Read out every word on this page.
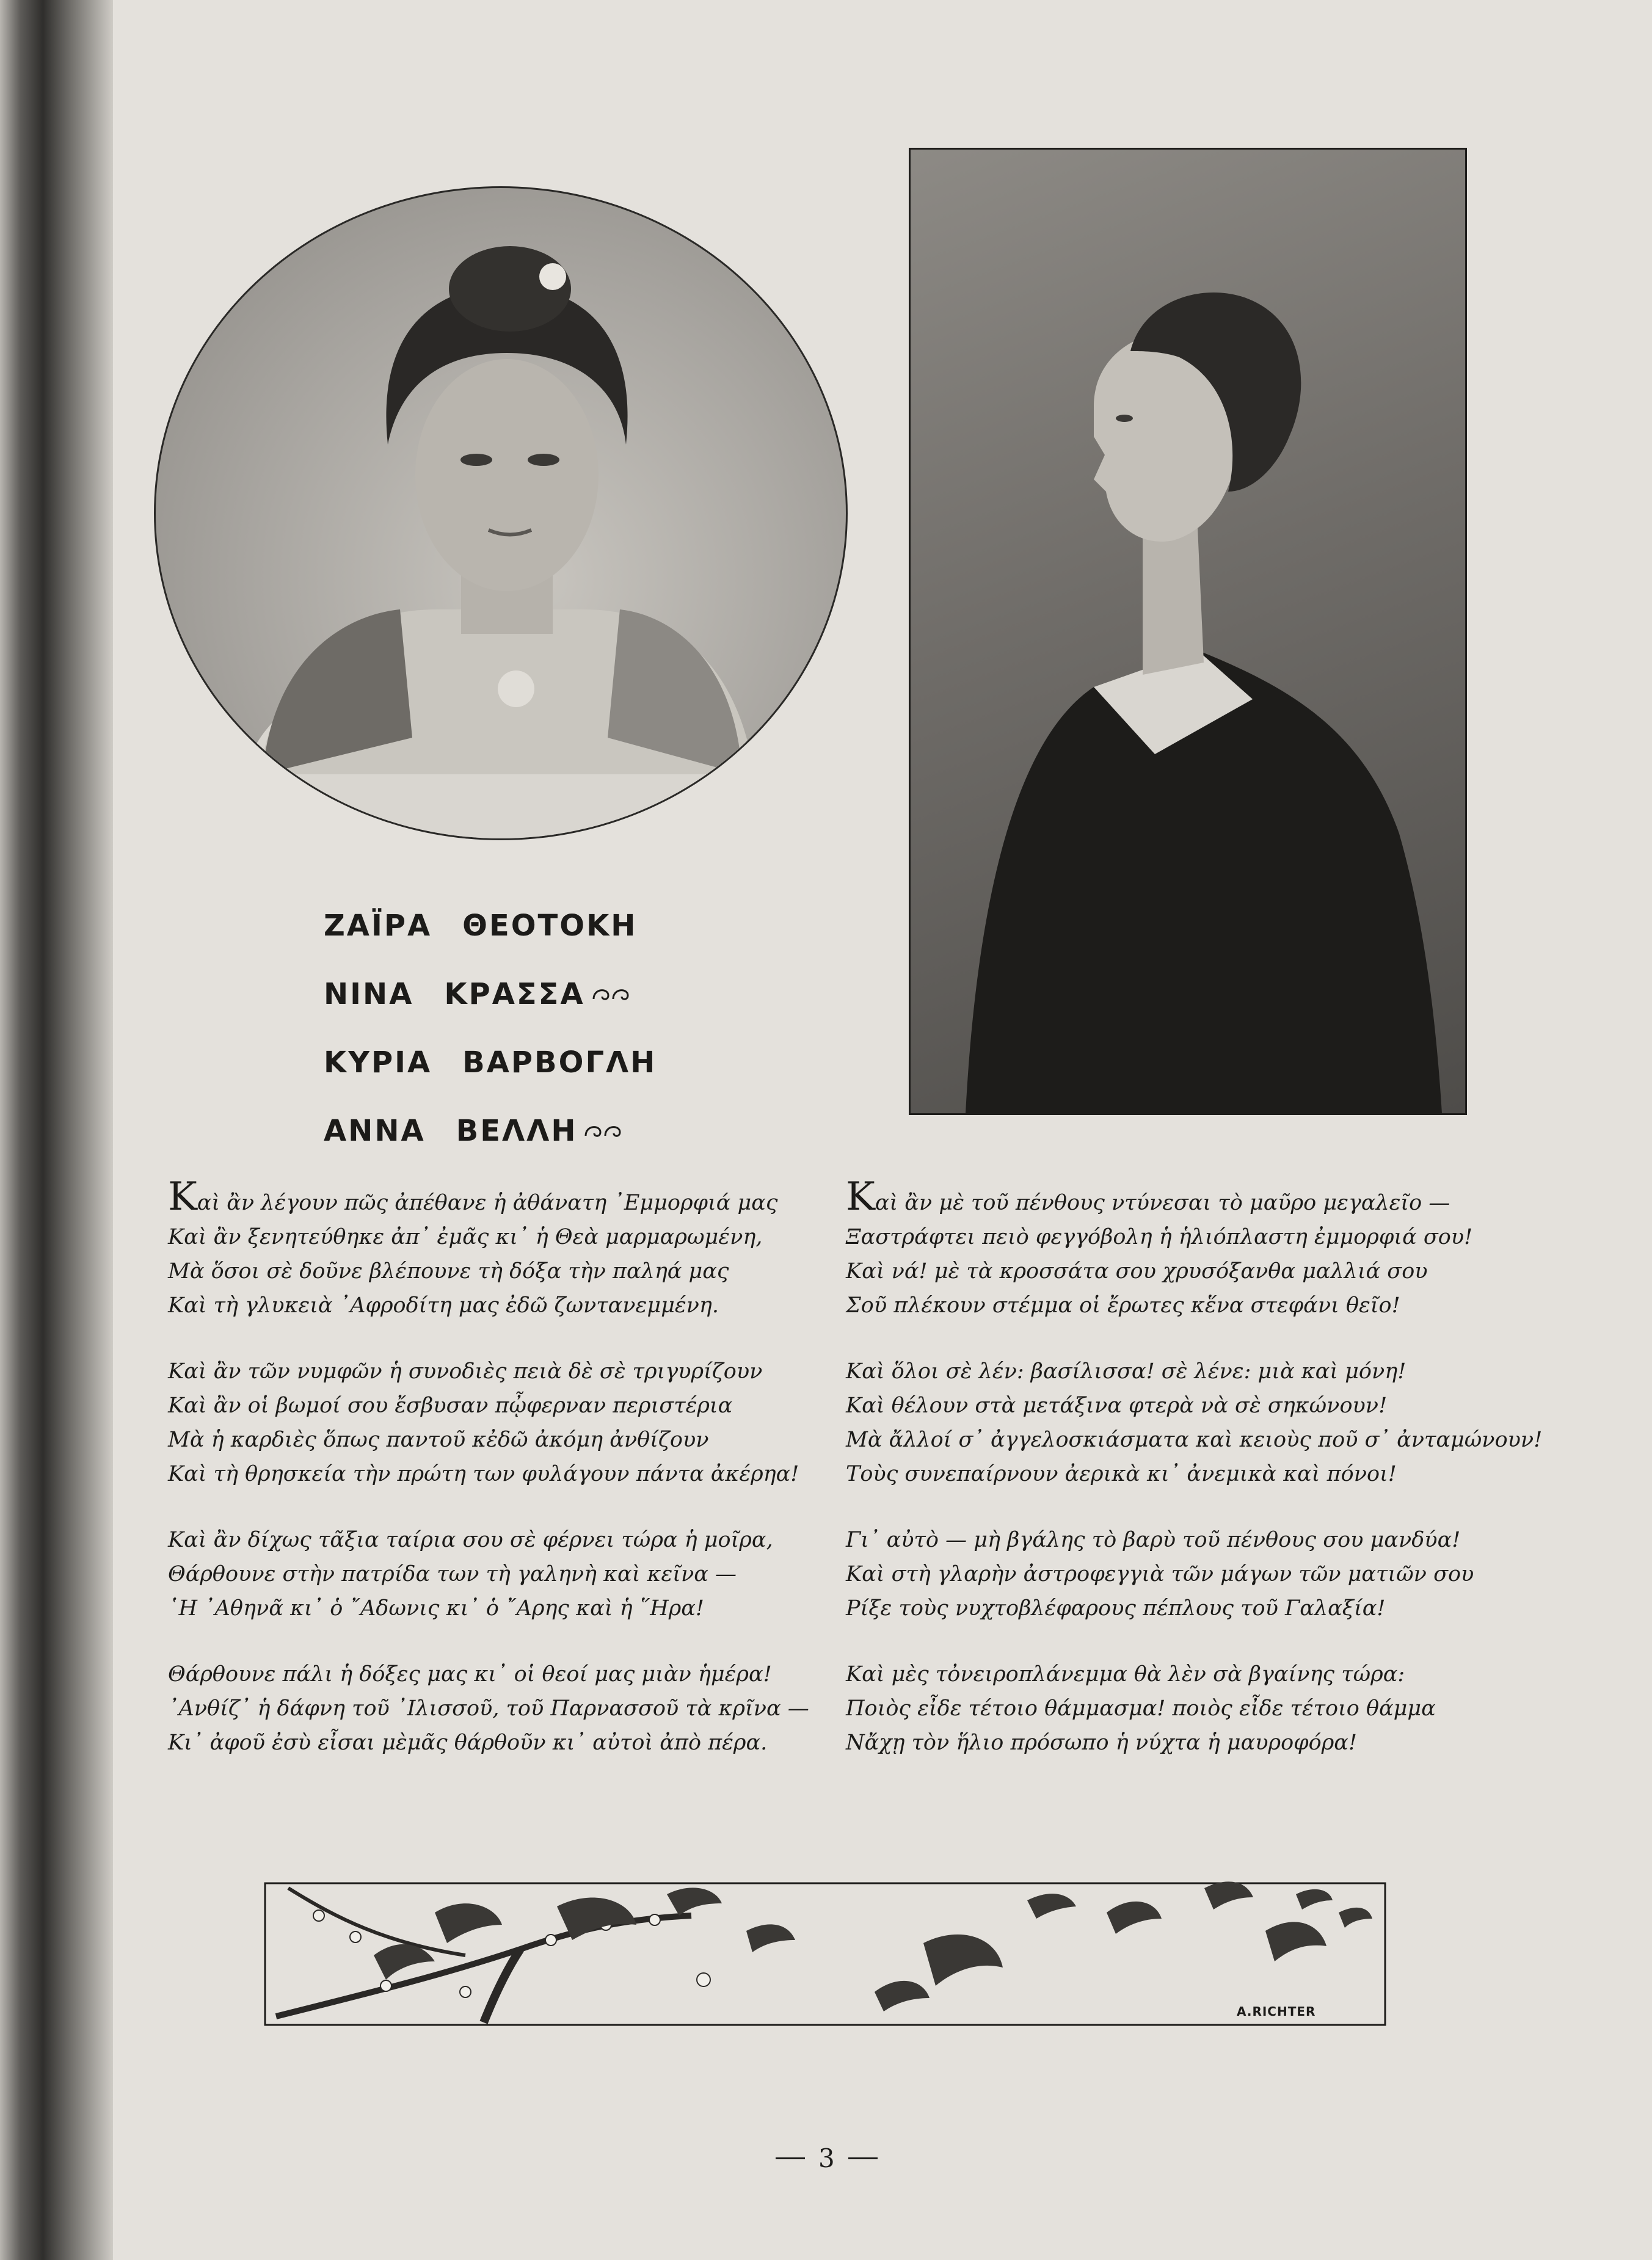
ΖΑΪΡΑ ΘΕΟΤΟΚΗ
ΝΙΝΑ ΚΡΑΣΣΑ
ΚΥΡΙΑ ΒΑΡΒΟΓΛΗ
ΑΝΝΑ ΒΕΛΛΗ
Καὶ ἂν λέγουν πῶς ἀπέθανε ἡ ἀθάνατη ᾿Εμμορφιά μας
Καὶ ἂν ξενητεύθηκε ἀπ᾿ ἐμᾶς κι᾿ ἡ Θεὰ μαρμαρωμένη,
Μὰ ὅσοι σὲ δοῦνε βλέπουνε τὴ δόξα τὴν παληά μας
Καὶ τὴ γλυκειὰ ᾿Αφροδίτη μας ἐδῶ ζωντανεμμένη.
Καὶ ἂν τῶν νυμφῶν ἡ συνοδιὲς πειὰ δὲ σὲ τριγυρίζουν
Καὶ ἂν οἱ βωμοί σου ἔσβυσαν πᾦφερναν περιστέρια
Μὰ ἡ καρδιὲς ὅπως παντοῦ κἐδῶ ἀκόμη ἀνθίζουν
Καὶ τὴ θρησκεία τὴν πρώτη των φυλάγουν πάντα ἀκέρηα!
Καὶ ἂν δίχως τᾶξια ταίρια σου σὲ φέρνει τώρα ἡ μοῖρα,
Θάρθουνε στὴν πατρίδα των τὴ γαληνὴ καὶ κεῖνα —
῾Η ᾿Αθηνᾶ κι᾿ ὁ ῎Αδωνις κι᾿ ὁ ῎Αρης καὶ ἡ ῞Ηρα!
Θάρθουνε πάλι ἡ δόξες μας κι᾿ οἱ θεοί μας μιὰν ἡμέρα!
᾿Ανθίζ᾿ ἡ δάφνη τοῦ ᾿Ιλισσοῦ, τοῦ Παρνασσοῦ τὰ κρῖνα —
Κι᾿ ἀφοῦ ἐσὺ εἶσαι μὲμᾶς θάρθοῦν κι᾿ αὐτοὶ ἀπὸ πέρα.
Καὶ ἂν μὲ τοῦ πένθους ντύνεσαι τὸ μαῦρο μεγαλεῖο —
Ξαστράφτει πειὸ φεγγόβολη ἡ ἡλιόπλαστη ἐμμορφιά σου!
Καὶ νά! μὲ τὰ κροσσάτα σου χρυσόξανθα μαλλιά σου
Σοῦ πλέκουν στέμμα οἱ ἔρωτες κἕνα στεφάνι θεῖο!
Καὶ ὅλοι σὲ λέν: βασίλισσα! σὲ λένε: μιὰ καὶ μόνη!
Καὶ θέλουν στὰ μετάξινα φτερὰ νὰ σὲ σηκώνουν!
Μὰ ἄλλοί σ᾿ ἀγγελοσκιάσματα καὶ κειοὺς ποῦ σ᾿ ἀνταμώνουν!
Τοὺς συνεπαίρνουν ἀερικὰ κι᾿ ἀνεμικὰ καὶ πόνοι!
Γι᾿ αὐτὸ — μὴ βγάλης τὸ βαρὺ τοῦ πένθους σου μανδύα!
Καὶ στὴ γλαρὴν ἀστροφεγγιὰ τῶν μάγων τῶν ματιῶν σου
Ρίξε τοὺς νυχτοβλέφαρους πέπλους τοῦ Γαλαξία!
Καὶ μὲς τὀνειροπλάνεμμα θὰ λὲν σὰ βγαίνης τώρα:
Ποιὸς εἶδε τέτοιο θάμμασμα! ποιὸς εἶδε τέτοιο θάμμα
Νἄχῃ τὸν ἥλιο πρόσωπο ἡ νύχτα ἡ μαυροφόρα!
A.RICHTER
3
